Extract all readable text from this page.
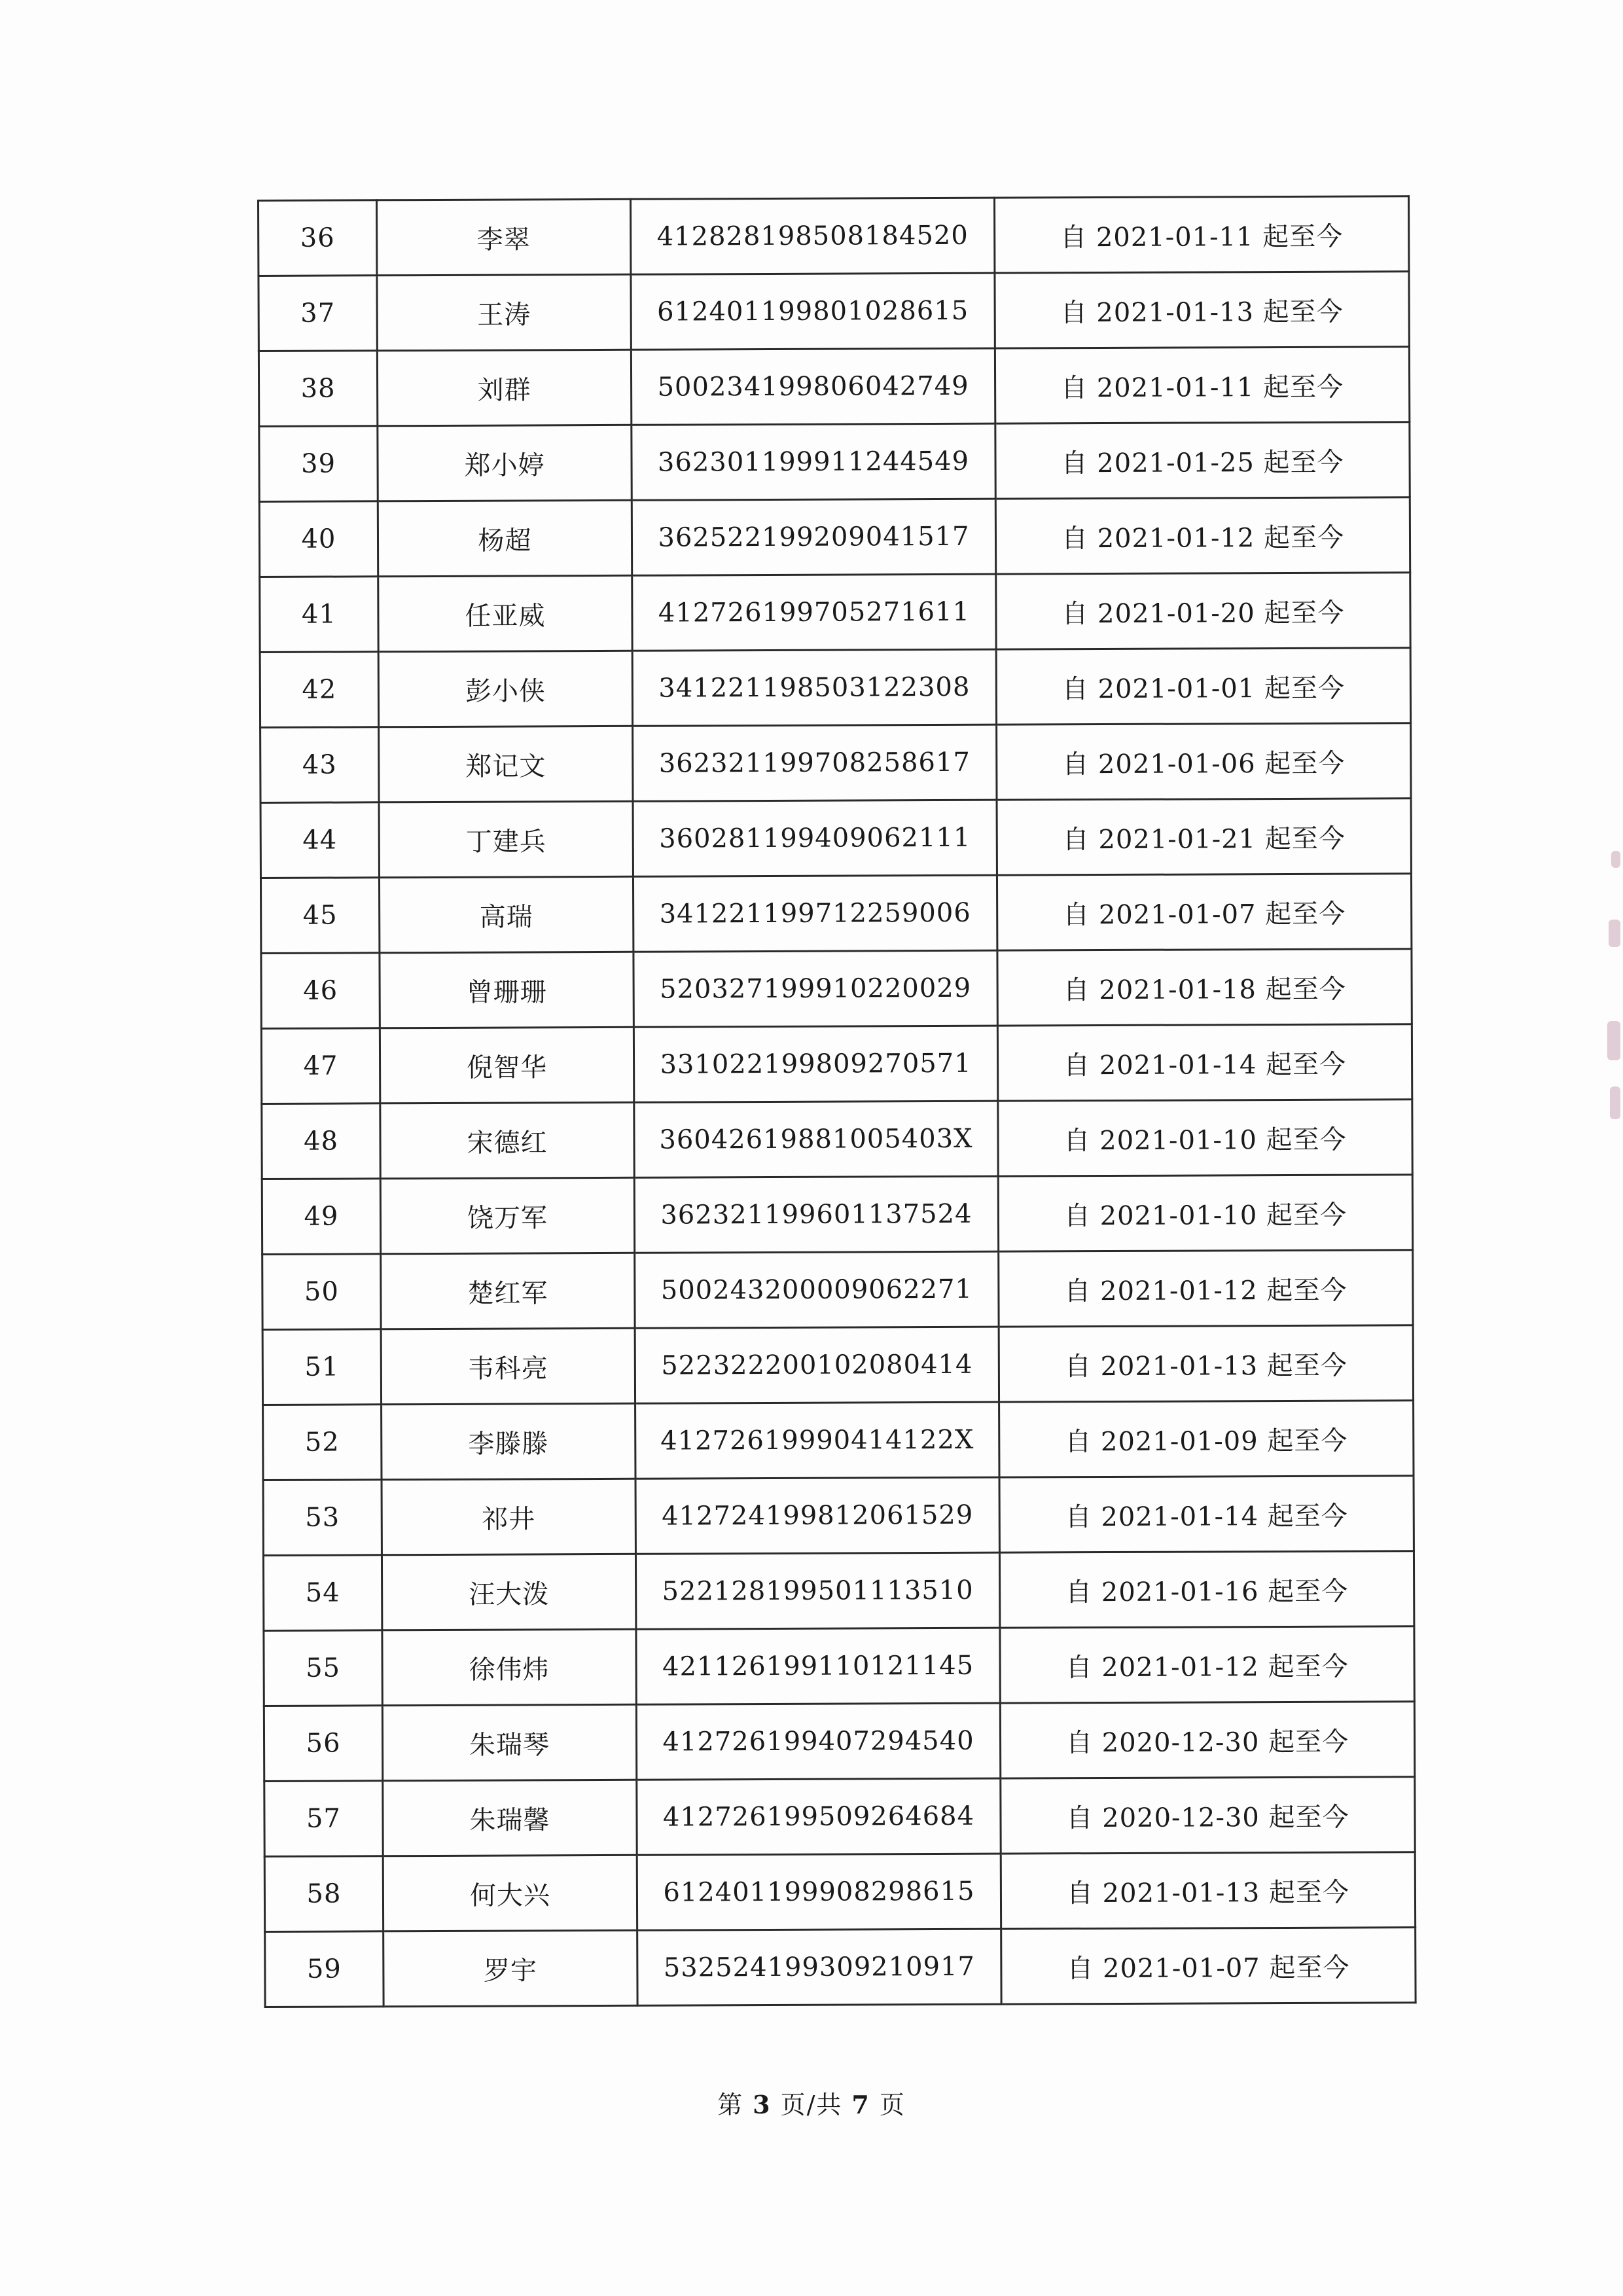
36	李翠	412828198508184520	自 2021-01-11 起至今
37	王涛	612401199801028615	自 2021-01-13 起至今
38	刘群	500234199806042749	自 2021-01-11 起至今
39	郑小婷	362301199911244549	自 2021-01-25 起至今
40	杨超	362522199209041517	自 2021-01-12 起至今
41	任亚威	412726199705271611	自 2021-01-20 起至今
42	彭小侠	341221198503122308	自 2021-01-01 起至今
43	郑记文	362321199708258617	自 2021-01-06 起至今
44	丁建兵	360281199409062111	自 2021-01-21 起至今
45	高瑞	341221199712259006	自 2021-01-07 起至今
46	曾珊珊	520327199910220029	自 2021-01-18 起至今
47	倪智华	331022199809270571	自 2021-01-14 起至今
48	宋德红	36042619881005403X	自 2021-01-10 起至今
49	饶万军	362321199601137524	自 2021-01-10 起至今
50	楚红军	500243200009062271	自 2021-01-12 起至今
51	韦科亮	522322200102080414	自 2021-01-13 起至今
52	李滕滕	41272619990414122X	自 2021-01-09 起至今
53	祁井	412724199812061529	自 2021-01-14 起至今
54	汪大泼	522128199501113510	自 2021-01-16 起至今
55	徐伟炜	421126199110121145	自 2021-01-12 起至今
56	朱瑞琴	412726199407294540	自 2020-12-30 起至今
57	朱瑞馨	412726199509264684	自 2020-12-30 起至今
58	何大兴	612401199908298615	自 2021-01-13 起至今
59	罗宇	532524199309210917	自 2021-01-07 起至今
第 3 页/共 7 页
